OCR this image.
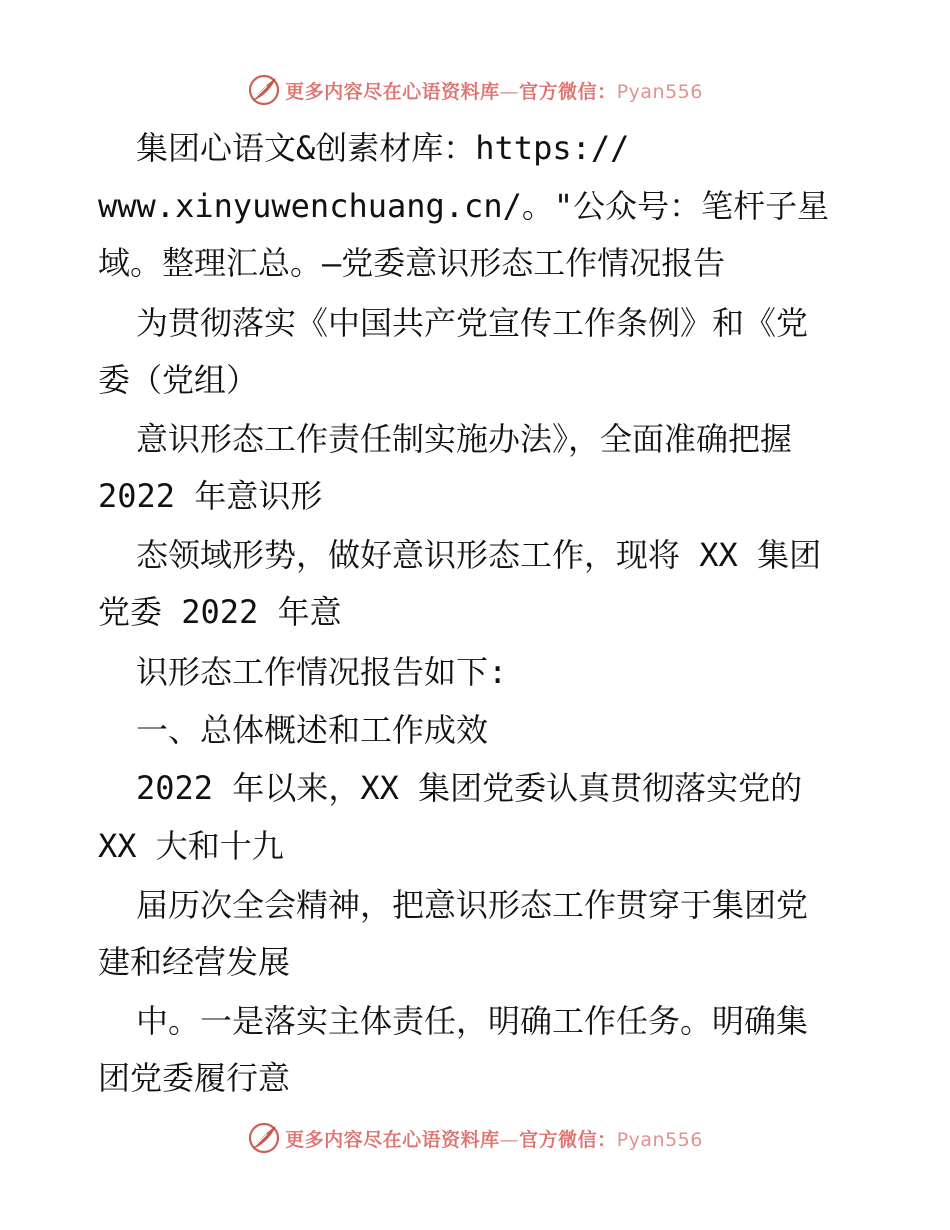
更多内容尽在心语资料库—官方微信：Pyan556
集团心语文&创素材库：https://
www.xinyuwenchuang.cn/。"公众号：笔杆子星
域。整理汇总。—党委意识形态工作情况报告
为贯彻落实《中国共产党宣传工作条例》和《党
委（党组）
意识形态工作责任制实施办法》，全面准确把握
2022 年意识形
态领域形势，做好意识形态工作，现将 XX 集团
党委 2022 年意
识形态工作情况报告如下:
一、总体概述和工作成效
2022 年以来，XX 集团党委认真贯彻落实党的
XX 大和十九
届历次全会精神，把意识形态工作贯穿于集团党
建和经营发展
中。一是落实主体责任，明确工作任务。明确集
团党委履行意
更多内容尽在心语资料库—官方微信：Pyan556
